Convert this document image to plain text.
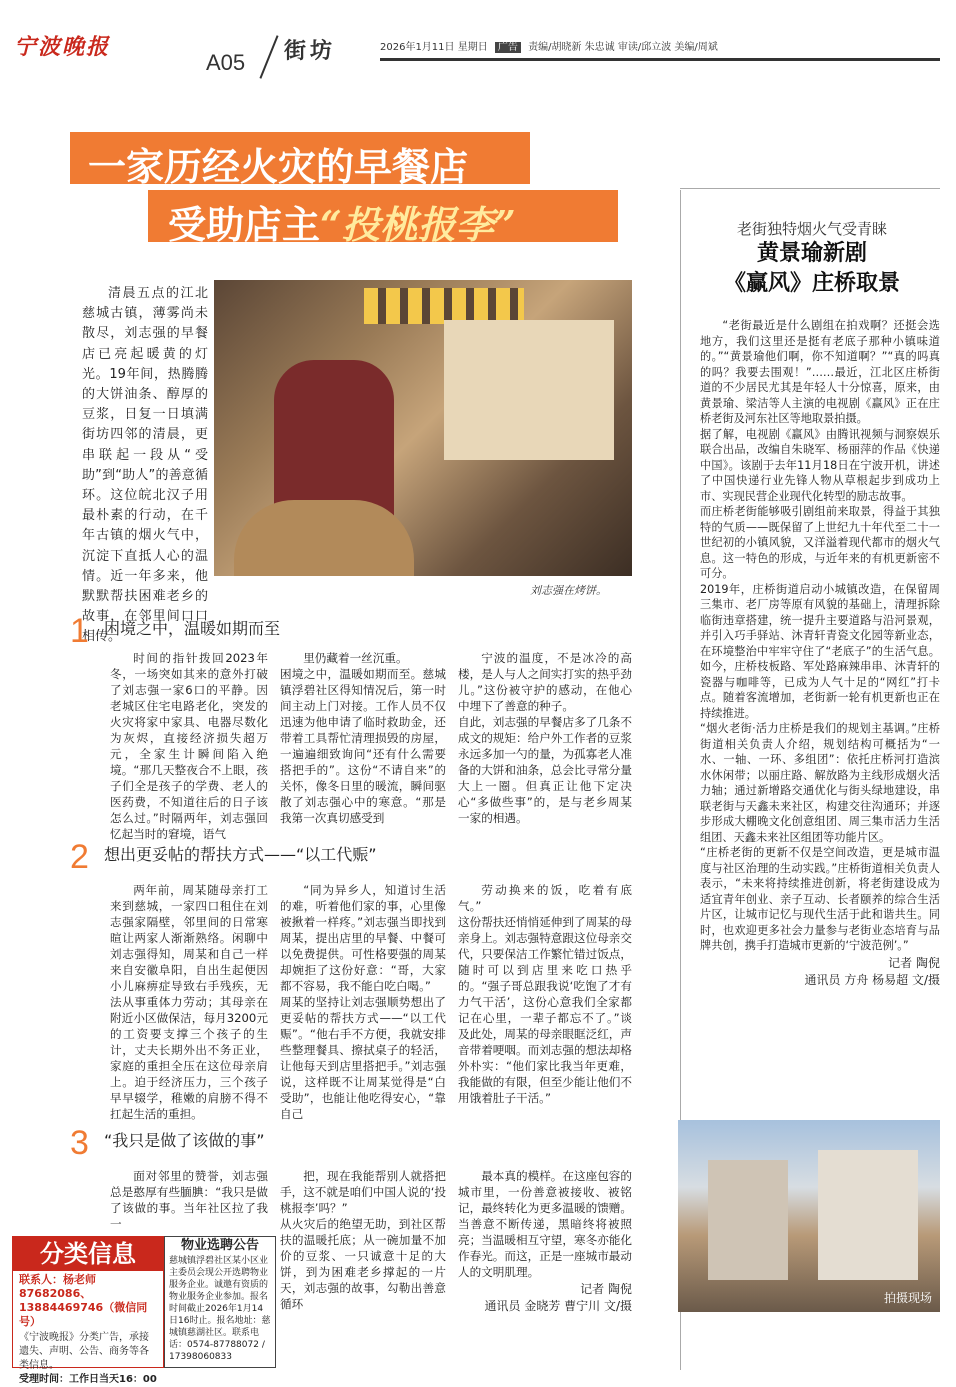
宁波晚报
A05 街坊	2026年1月11日 星期日 广告 责编/胡晓新 朱忠诚 审读/邱立波 美编/周斌
一家历经火灾的早餐店
受助店主“投桃报李”

清晨五点的江北慈城古镇，薄雾尚未散尽，刘志强的早餐店已亮起暖黄的灯光。19年间，热腾腾的大饼油条、醇厚的豆浆，日复一日填满街坊四邻的清晨，更串联起一段从“受助”到“助人”的善意循环。这位皖北汉子用最朴素的行动，在千年古镇的烟火气中，沉淀下直抵人心的温情。近一年多来，他默默帮扶困难老乡的故事，在邻里间口口相传。

刘志强在烤饼。
1 困境之中，温暖如期而至

时间的指针拨回2023年冬，一场突如其来的意外打破了刘志强一家6口的平静。因老城区住宅电路老化，突发的火灾将家中家具、电器尽数化为灰烬，直接经济损失超万元，全家生计瞬间陷入绝境。“那几天整夜合不上眼，孩子们全是孩子的学费、老人的医药费，不知道往后的日子该怎么过。”时隔两年，刘志强回忆起当时的窘境，语气

里仍藏着一丝沉重。
困境之中，温暖如期而至。慈城镇浮碧社区得知情况后，第一时间主动上门对接。工作人员不仅迅速为他申请了临时救助金，还带着工具帮忙清理损毁的房屋，一遍遍细致询问“还有什么需要搭把手的”。这份“不请自来”的关怀，像冬日里的暖流，瞬间驱散了刘志强心中的寒意。“那是我第一次真切感受到

宁波的温度，不是冰冷的高楼，是人与人之间实打实的热乎劲儿。”这份被守护的感动，在他心中埋下了善意的种子。
自此，刘志强的早餐店多了几条不成文的规矩：给户外工作者的豆浆永远多加一勺的量，为孤寡老人准备的大饼和油条，总会比寻常分量大上一圈。但真正让他下定决心“多做些事”的，是与老乡周某一家的相遇。

2 想出更妥帖的帮扶方式——“以工代赈”

两年前，周某随母亲打工来到慈城，一家四口租住在刘志强家隔壁，邻里间的日常寒暄让两家人渐渐熟络。闲聊中刘志强得知，周某和自己一样来自安徽阜阳，自出生起便因小儿麻痹症导致右手残疾，无法从事重体力劳动；其母亲在附近小区做保洁，每月3200元的工资要支撑三个孩子的生计，丈夫长期外出不务正业，家庭的重担全压在这位母亲肩上。迫于经济压力，三个孩子早早辍学，稚嫩的肩膀不得不扛起生活的重担。

“同为异乡人，知道讨生活的难，听着他们家的事，心里像被揪着一样疼。”刘志强当即找到周某，提出店里的早餐、中餐可以免费提供。可性格要强的周某却婉拒了这份好意：“哥，大家都不容易，我不能白吃白喝。”
周某的坚持让刘志强顺势想出了更妥帖的帮扶方式——“以工代赈”。“他右手不方便，我就安排些整理餐具、擦拭桌子的轻活，让他每天到店里搭把手。”刘志强说，这样既不让周某觉得是“白受助”，也能让他吃得安心，“靠自己

劳动换来的饭，吃着有底气。”
这份帮扶还悄悄延伸到了周某的母亲身上。刘志强特意跟这位母亲交代，只要保洁工作繁忙错过饭点，随时可以到店里来吃口热乎的。“强子哥总跟我说‘吃饱了才有力气干活’，这份心意我们全家都记在心里，一辈子都忘不了。”谈及此处，周某的母亲眼眶泛红，声音带着哽咽。而刘志强的想法却格外朴实：“他们家比我当年更难，我能做的有限，但至少能让他们不用饿着肚子干活。”

3 “我只是做了该做的事”

面对邻里的赞誉，刘志强总是憨厚有些腼腆：“我只是做了该做的事。当年社区拉了我一

把，现在我能帮别人就搭把手，这不就是咱们中国人说的‘投桃报李’吗？”
从火灾后的绝望无助，到社区帮扶的温暖托底；从一碗加量不加价的豆浆、一只诚意十足的大饼，到为困难老乡撑起的一片天，刘志强的故事，勾勒出善意循环

最本真的模样。在这座包容的城市里，一份善意被接收、被铭记，最终转化为更多温暖的馈赠。当善意不断传递，黑暗终将被照亮；当温暖相互守望，寒冬亦能化作春光。而这，正是一座城市最动人的文明肌理。

记者 陶倪
通讯员 金晓芳 曹宁川 文/摄
分类信息
联系人：杨老师87682086、13884469746（微信同号）
《宁波晚报》分类广告，承接遗失、声明、公告、商务等各类信息。
受理时间：工作日当天16：00
物业选聘公告
慈城镇浮碧社区某小区业主委员会现公开选聘物业服务企业。诚邀有资质的物业服务企业参加。报名时间截止2026年1月14日16时止。报名地址：慈城镇慈湖社区。联系电话：0574-87788072 / 17398060833
老街独特烟火气受青睐
黄景瑜新剧
《赢风》庄桥取景

“老街最近是什么剧组在拍戏啊？还挺会选地方，我们这里还是挺有老底子那种小镇味道的。”“黄景瑜他们啊，你不知道啊？”“真的吗真的吗？我要去围观！”……最近，江北区庄桥街道的不少居民尤其是年轻人十分惊喜，原来，由黄景瑜、梁洁等人主演的电视剧《赢风》正在庄桥老街及河东社区等地取景拍摄。
据了解，电视剧《赢风》由腾讯视频与洞察娱乐联合出品，改编自朱晓军、杨丽萍的作品《快递中国》。该剧于去年11月18日在宁波开机，讲述了中国快递行业先锋人物从草根起步到成功上市、实现民营企业现代化转型的励志故事。
而庄桥老街能够吸引剧组前来取景，得益于其独特的气质——既保留了上世纪九十年代至二十一世纪初的小镇风貌，又洋溢着现代都市的烟火气息。这一特色的形成，与近年来的有机更新密不可分。
2019年，庄桥街道启动小城镇改造，在保留周三集市、老厂房等原有风貌的基础上，清理拆除临街违章搭建，统一提升主要道路与沿河景观，并引入巧手驿站、沐青轩青瓷文化园等新业态，在环境整治中牢牢守住了“老底子”的生活气息。如今，庄桥枝板路、军处路麻辣串串、沐青轩的瓷器与咖啡等，已成为人气十足的“网红”打卡点。随着客流增加，老街新一轮有机更新也正在持续推进。
“烟火老街·活力庄桥是我们的规划主基调。”庄桥街道相关负责人介绍，规划结构可概括为“一水、一轴、一环、多组团”：依托庄桥河打造滨水休闲带；以丽庄路、解放路为主线形成烟火活力轴；通过新增路交通优化与街头绿地建设，串联老街与天鑫未来社区，构建交往沟通环；并逐步形成大棚晚文化创意组团、周三集市活力生活组团、天鑫未来社区组团等功能片区。
“庄桥老街的更新不仅是空间改造，更是城市温度与社区治理的生动实践。”庄桥街道相关负责人表示，“未来将持续推进创新，将老街建设成为适宜青年创业、亲子互动、长者颐养的综合生活片区，让城市记忆与现代生活于此和谐共生。同时，也欢迎更多社会力量参与老街业态培育与品牌共创，携手打造城市更新的‘宁波范例’。”

记者 陶倪
通讯员 方舟 杨易超 文/摄
拍摄现场
